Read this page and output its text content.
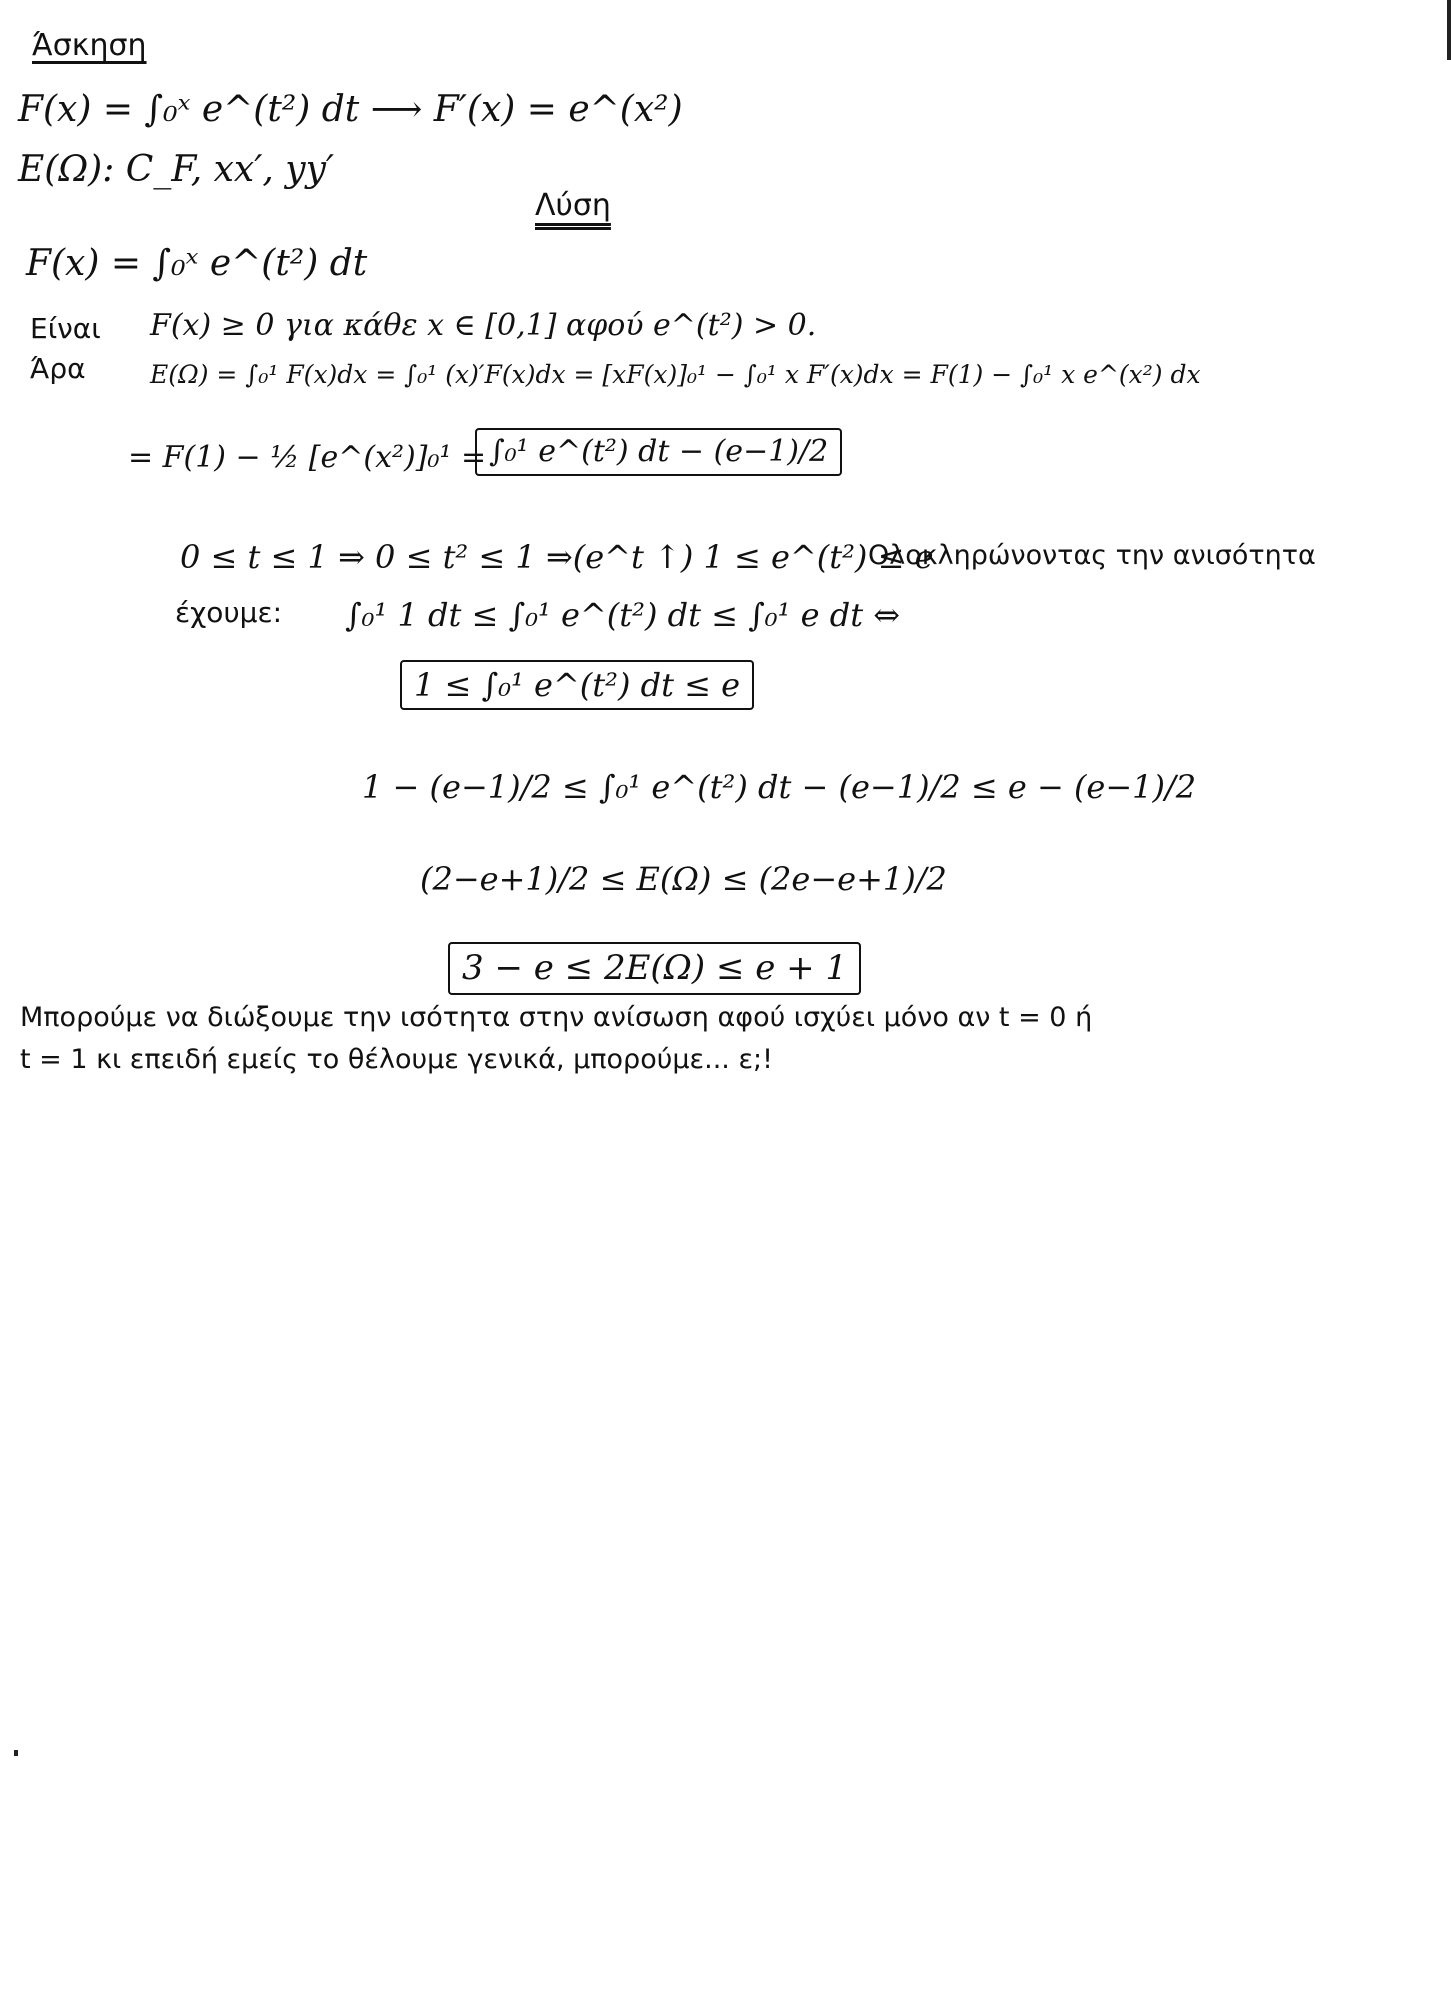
Άσκηση
F(x) = ∫₀ˣ e^(t²) dt ⟶ F′(x) = e^(x²)
E(Ω): C_F, xx′, yy′
Λύση
F(x) = ∫₀ˣ e^(t²) dt
Είναι F(x) ≥ 0 για κάθε x ∈ [0,1] αφού e^(t²) > 0.
Άρα	E(Ω) = ∫₀¹ F(x)dx = ∫₀¹ (x)′F(x)dx = [xF(x)]₀¹ − ∫₀¹ x F′(x)dx = F(1) − ∫₀¹ x e^(x²) dx
= F(1) − ½ [e^(x²)]₀¹ = ∫₀¹ e^(t²) dt − (e−1)/2
0 ≤ t ≤ 1 ⇒ 0 ≤ t² ≤ 1 ⇒(e^t ↑) 1 ≤ e^(t²) ≤ e
Ολοκληρώνοντας την ανισότητα
έχουμε: ∫₀¹ 1 dt ≤ ∫₀¹ e^(t²) dt ≤ ∫₀¹ e dt ⇔
1 ≤ ∫₀¹ e^(t²) dt ≤ e
1 − (e−1)/2 ≤ ∫₀¹ e^(t²) dt − (e−1)/2 ≤ e − (e−1)/2
(2−e+1)/2 ≤ E(Ω) ≤ (2e−e+1)/2
3 − e ≤ 2E(Ω) ≤ e + 1
Μπορούμε να διώξουμε την ισότητα στην ανίσωση αφού ισχύει μόνο αν t = 0 ή
t = 1 κι επειδή εμείς το θέλουμε γενικά, μπορούμε... ε;!
